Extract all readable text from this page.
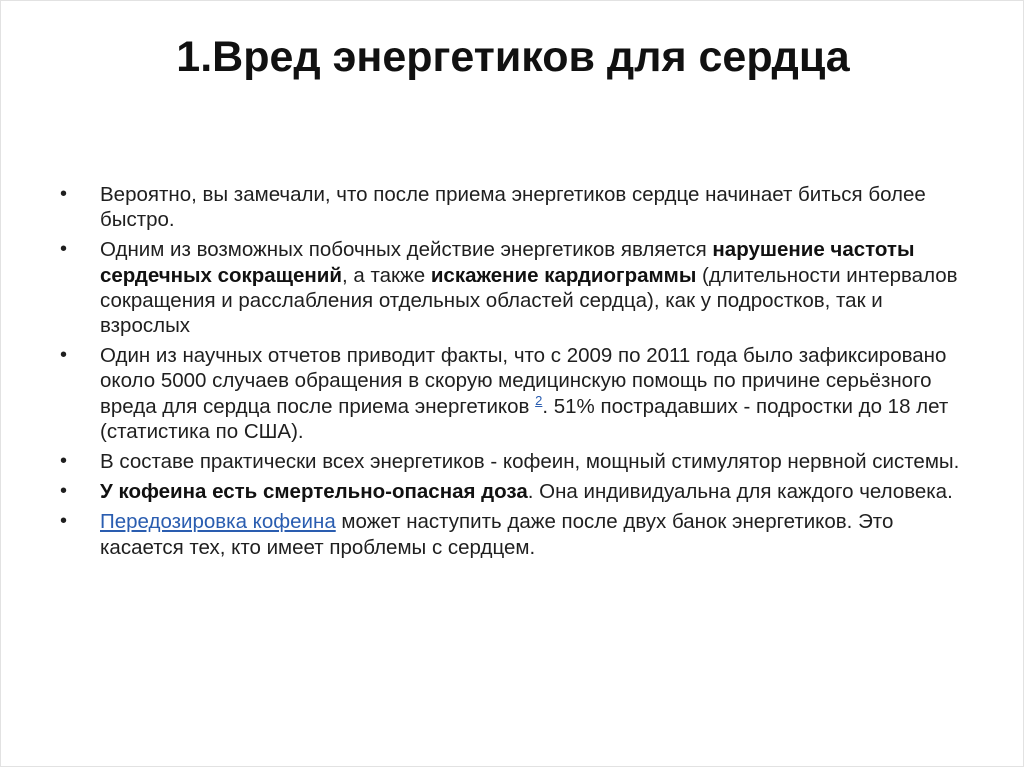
1.Вред энергетиков для сердца
•	Вероятно, вы замечали, что после приема энергетиков сердце начинает биться более быстро.
•	Одним из возможных побочных действие энергетиков является нарушение частоты сердечных сокращений, а также искажение кардиограммы (длительности интервалов сокращения и расслабления отдельных областей сердца), как у подростков, так и взрослых
•	Один из научных отчетов приводит факты, что с 2009 по 2011 года было зафиксировано около 5000 случаев обращения в скорую медицинскую помощь по причине серьёзного вреда для сердца после приема энергетиков $^2$. 51% пострадавших - подростки до 18 лет (статистика по США).
•	В составе практически всех энергетиков - кофеин, мощный стимулятор нервной системы.
•	У кофеина есть смертельно-опасная доза. Она индивидуальна для каждого человека.
•	Передозировка кофеина может наступить даже после двух банок энергетиков. Это касается тех, кто имеет проблемы с сердцем.
